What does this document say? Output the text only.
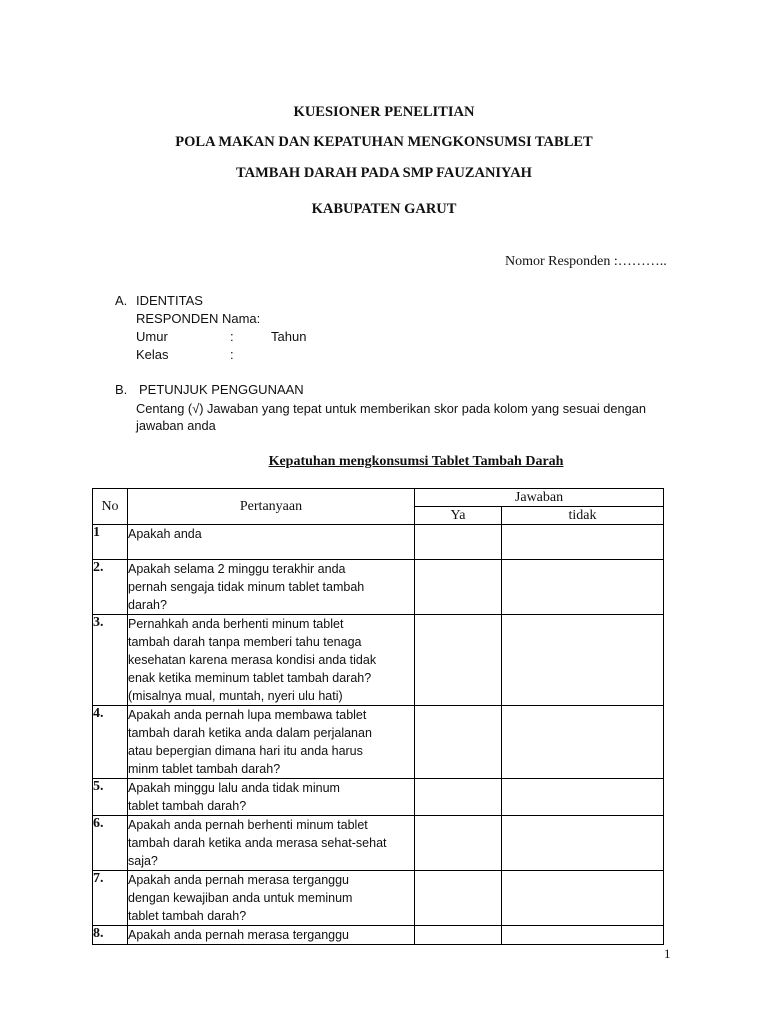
KUESIONER PENELITIAN
POLA MAKAN DAN KEPATUHAN MENGKONSUMSI TABLET
TAMBAH DARAH PADA SMP FAUZANIYAH
KABUPATEN GARUT
Nomor Responden :………..
A. IDENTITAS
RESPONDEN Nama:
Umur	:	Tahun
Kelas	:
B. PETUNJUK PENGGUNAAN
Centang (√) Jawaban yang tepat untuk memberikan skor pada kolom yang sesuai dengan
jawaban anda
Kepatuhan mengkonsumsi Tablet Tambah Darah
No	Pertanyaan	Jawaban	
		Ya	tidak
1	Apakah anda		

2.	Apakah selama 2 minggu terakhir anda
pernah sengaja tidak minum tablet tambah
darah?		

3.	Pernahkah anda berhenti minum tablet
tambah darah tanpa memberi tahu tenaga
kesehatan karena merasa kondisi anda tidak
enak ketika meminum tablet tambah darah?
(misalnya mual, muntah, nyeri ulu hati)		

4.	Apakah anda pernah lupa membawa tablet
tambah darah ketika anda dalam perjalanan
atau bepergian dimana hari itu anda harus
minm tablet tambah darah?		

5.	Apakah minggu lalu anda tidak minum
tablet tambah darah?		

6.	Apakah anda pernah berhenti minum tablet
tambah darah ketika anda merasa sehat-sehat
saja?		

7.	Apakah anda pernah merasa terganggu
dengan kewajiban anda untuk meminum
tablet tambah darah?		

8.	Apakah anda pernah merasa terganggu		

1
